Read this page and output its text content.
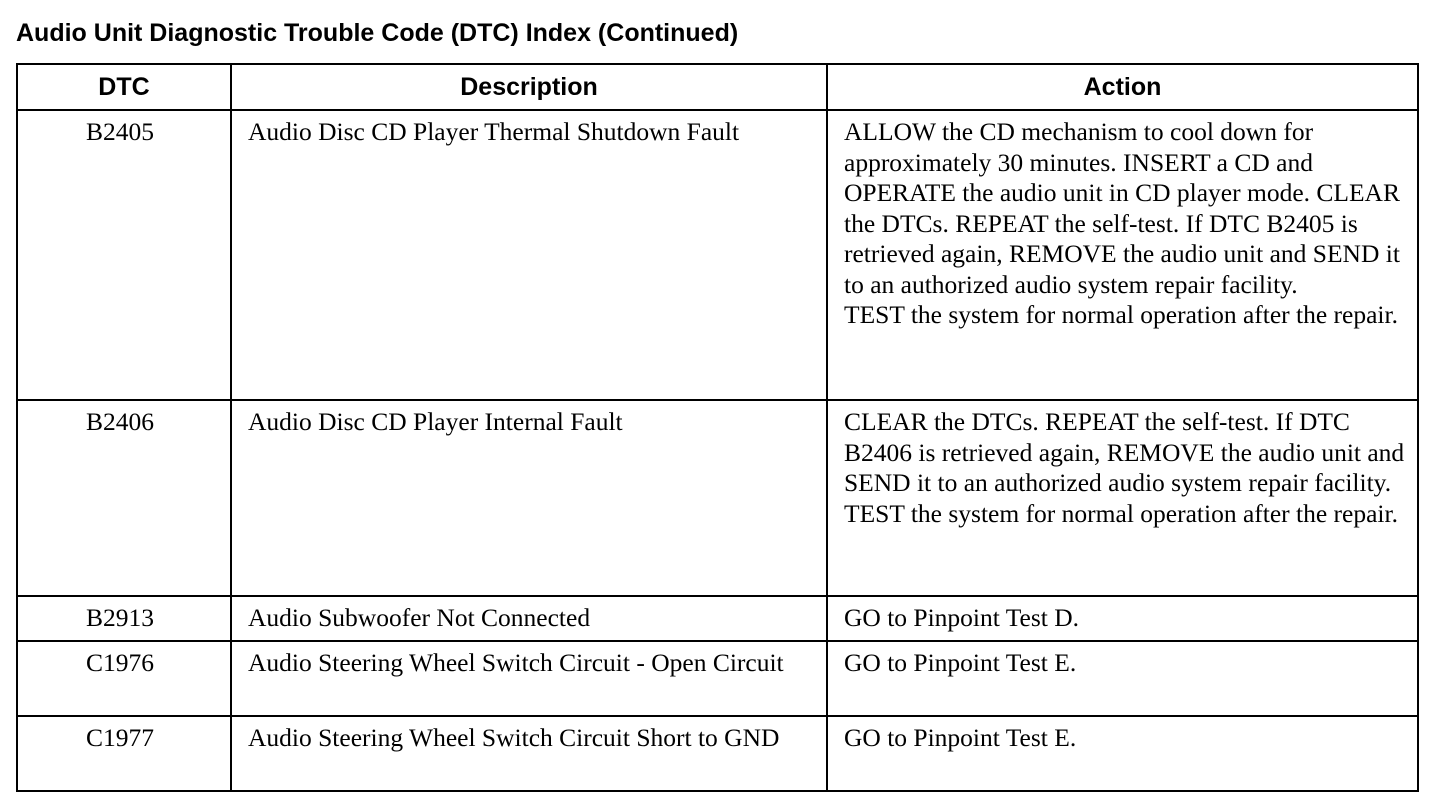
Audio Unit Diagnostic Trouble Code (DTC) Index (Continued)
DTC	Description	Action
B2405	Audio Disc CD Player Thermal Shutdown Fault	ALLOW the CD mechanism to cool down for approximately 30 minutes. INSERT a CD and OPERATE the audio unit in CD player mode. CLEAR the DTCs. REPEAT the self-test. If DTC B2405 is retrieved again, REMOVE the audio unit and SEND it to an authorized audio system repair facility.
TEST the system for normal operation after the repair.
B2406	Audio Disc CD Player Internal Fault	CLEAR the DTCs. REPEAT the self-test. If DTC B2406 is retrieved again, REMOVE the audio unit and SEND it to an authorized audio system repair facility. TEST the system for normal operation after the repair.
B2913	Audio Subwoofer Not Connected	GO to Pinpoint Test D.
C1976	Audio Steering Wheel Switch Circuit - Open Circuit	GO to Pinpoint Test E.
C1977	Audio Steering Wheel Switch Circuit Short to GND	GO to Pinpoint Test E.
